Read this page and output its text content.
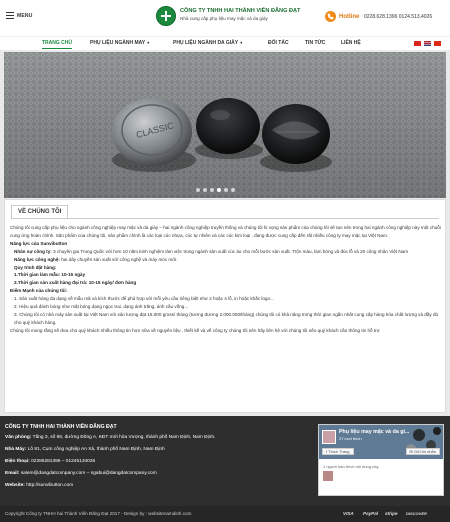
MENU
CÔNG TY TNHH HAI THÀNH VIÊN ĐĂNG ĐẠT
Nhà cung cấp phụ liệu may mặc và da giày	Hotline 0228.628.1396 0124.513.4026
TRANG CHỦ	PHỤ LIỆU NGÀNH MAY ▾	PHỤ LIỆU NGÀNH DA GIẦY ▾	ĐỐI TÁC	TIN TỨC	LIÊN HỆ
CLASSIC
VỀ CHÚNG TÔI

Chúng tôi cung cấp phụ liệu cho ngành công nghiệp may mặc và da giày – hai ngành công nghiệp truyền thống và chúng tôi hi vọng sản phẩm của chúng tôi sẽ tạo nên trong hai ngành công nghiệp này một chuỗi cung ứng hoàn chỉnh. Sản phẩm của chúng tôi, sản phẩm chính là các loại cúc nhựa, cúc tự nhiên và các cúc kim loại , đang được cung cấp đến rất nhiều công ty may mặc tại Việt Nam.

Năng lực của Sunvibutton

Nhân sự công ty: 3 chuyên gia Trung Quốc với hơn 10 năm kinh nghiệm làm việc trong ngành sản xuất cúc áo cho mỗi bước sản xuất. Trộn màu, làm bóng và đúc lỗ và 20 công nhân Việt Nam

Năng lực công nghệ: hai dây chuyền sản xuất với công nghệ và máy móc mới.

Quy trình đặt hàng:

1.Thời gian làm mẫu: 10-15 ngày

2.Thời gian sản xuất hàng đại trà: 10-15 ngày/ đơn hàng

Điểm Mạnh của chúng tôi:

1. Sản xuất hàng đa dạng về mẫu mã và kích thước để phù hợp với mỗi yêu cầu riêng biệt như 2 hoặc 4 lỗ, in hoặc khắc logo...

2. Hiệu quả đánh bóng như mặt bóng dạng ngọc trai, dạng ánh trăng, ánh cầu vồng...

3. Chúng tôi có nhà máy sản xuất tại Việt Nam với sản lượng đạt 15.000 gross/ tháng (tương đương 2.000.000/tháng) chúng tôi có khả năng trong thời gian ngắn nhất cung cấp hàng hóa chất lượng và đầy đủ cho quý khách hàng.

Chúng tôi mong rằng sẽ đưa cho quý khách nhiều thông tin hơn nữa về nguyên liệu , thiết kế và về công ty chúng tôi nên hãy liên hệ với chúng tôi nếu quý khách cần thông tin hỗ trợ

CÔNG TY TNHH HAI THÀNH VIÊN ĐĂNG ĐẠT
Văn phòng: Tầng 3, số 86, đường Đông A, KĐT mới hòa Vượng, thành phố Nam Định, Nam Định.
Nhà Máy: Lô 81, Cụm công nghiệp An Xá, thành phố Nam Định, Nam Định
Điện thoại: 02286281396 – 01245134026
Email: salem@dangdatcompany.com – ngabui@dangdatcompany.com
Website: http://sunvibutton.com
Phụ liệu may mặc và da gi...
27 lượt thích
f Thích Trang	✉ Gửi tin nhắn
1 người bạn thích nội dung này
Copyright Công ty TNHH hai Thành Viên Đăng Đạt 2017 - Design by : websitenamdinh.com	VISA	PayPal	stripe	DISCOVER
